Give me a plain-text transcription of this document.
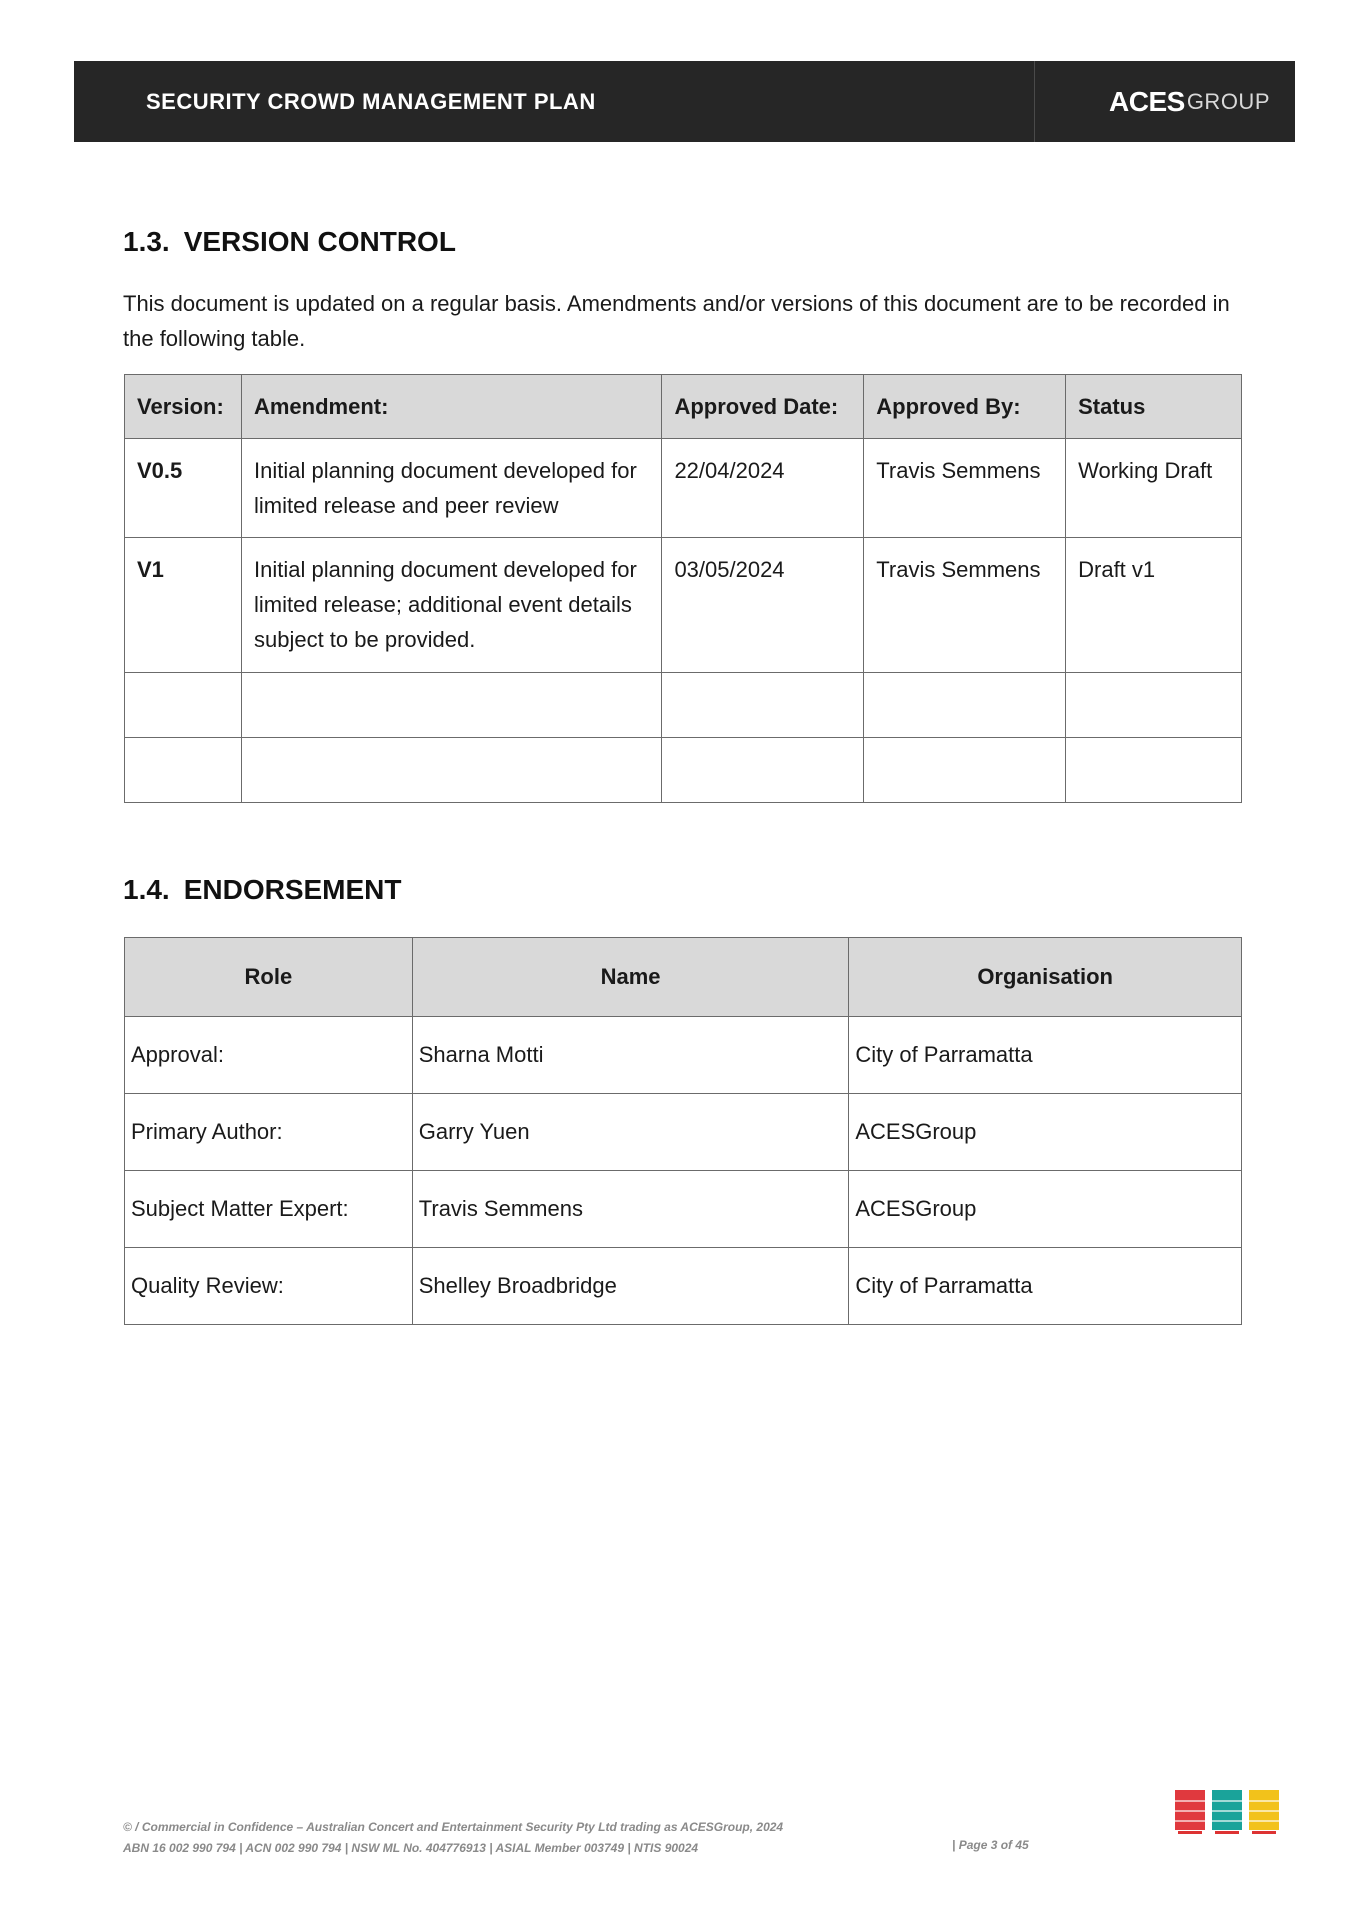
SECURITY CROWD MANAGEMENT PLAN	ACES GROUP
1.3. VERSION CONTROL
This document is updated on a regular basis. Amendments and/or versions of this document are to be recorded in the following table.
Version:	Amendment:	Approved Date:	Approved By:	Status
V0.5	Initial planning document developed for limited release and peer review	22/04/2024	Travis Semmens	Working Draft
V1	Initial planning document developed for limited release; additional event details subject to be provided.	03/05/2024	Travis Semmens	Draft v1

1.4. ENDORSEMENT
Role	Name	Organisation
Approval:	Sharna Motti	City of Parramatta
Primary Author:	Garry Yuen	ACESGroup
Subject Matter Expert:	Travis Semmens	ACESGroup
Quality Review:	Shelley Broadbridge	City of Parramatta
© / Commercial in Confidence – Australian Concert and Entertainment Security Pty Ltd trading as ACESGroup, 2024
ABN 16 002 990 794 | ACN 002 990 794 | NSW ML No. 404776913 | ASIAL Member 003749 | NTIS 90024	| Page 3 of 45
